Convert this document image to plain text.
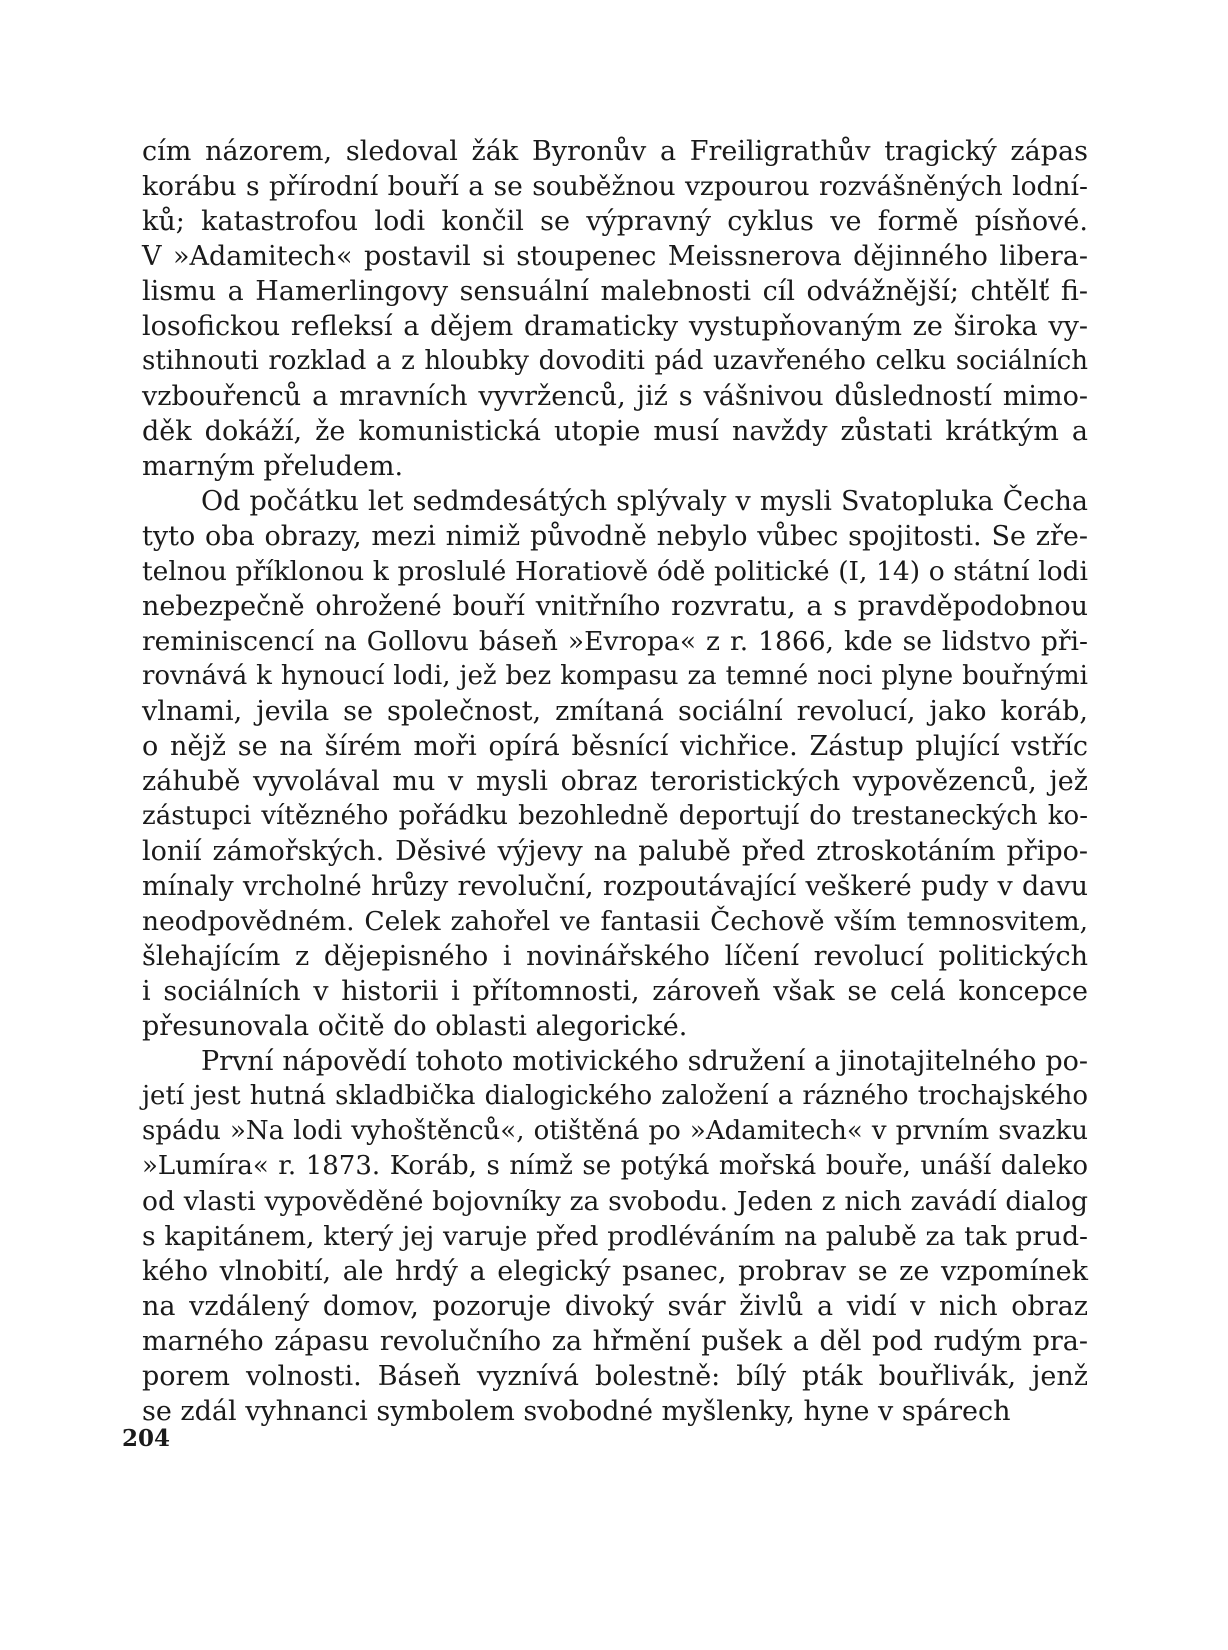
cím názorem, sledoval žák Byronův a Freiligrathův tragický zápas
korábu s přírodní bouří a se souběžnou vzpourou rozvášněných lodní-
ků; katastrofou lodi končil se výpravný cyklus ve formě písňové.
V »Adamitech« postavil si stoupenec Meissnerova dějinného libera-
lismu a Hamerlingovy sensuální malebnosti cíl odvážnější; chtělť fi-
losofickou refleksí a dějem dramaticky vystupňovaným ze široka vy-
stihnouti rozklad a z hloubky dovoditi pád uzavřeného celku sociálních
vzbouřenců a mravních vyvrženců, jiź s vášnivou důsledností mimo-
děk dokáží, že komunistická utopie musí navždy zůstati krátkým a
marným přeludem.
Od počátku let sedmdesátých splývaly v mysli Svatopluka Čecha
tyto oba obrazy, mezi nimiž původně nebylo vůbec spojitosti. Se zře-
telnou příklonou k proslulé Horatiově ódě politické (I, 14) o státní lodi
nebezpečně ohrožené bouří vnitřního rozvratu, a s pravděpodobnou
reminiscencí na Gollovu báseň »Evropa« z r. 1866, kde se lidstvo při-
rovnává k hynoucí lodi, jež bez kompasu za temné noci plyne bouřnými
vlnami, jevila se společnost, zmítaná sociální revolucí, jako koráb,
o nějž se na šírém moři opírá běsnící vichřice. Zástup plující vstříc
záhubě vyvolával mu v mysli obraz teroristických vypovězenců, jež
zástupci vítězného pořádku bezohledně deportují do trestaneckých ko-
lonií zámořských. Děsivé výjevy na palubě před ztroskotáním připo-
mínaly vrcholné hrůzy revoluční, rozpoutávající veškeré pudy v davu
neodpovědném. Celek zahořel ve fantasii Čechově vším temnosvitem,
šlehajícím z dějepisného i novinářského líčení revolucí politických
i sociálních v historii i přítomnosti, zároveň však se celá koncepce
přesunovala očitě do oblasti alegorické.
První nápovědí tohoto motivického sdružení a jinotajitelného po-
jetí jest hutná skladbička dialogického založení a rázného trochajského
spádu »Na lodi vyhoštěnců«, otištěná po »Adamitech« v prvním svazku
»Lumíra« r. 1873. Koráb, s nímž se potýká mořská bouře, unáší daleko
od vlasti vypověděné bojovníky za svobodu. Jeden z nich zavádí dialog
s kapitánem, který jej varuje před prodléváním na palubě za tak prud-
kého vlnobití, ale hrdý a elegický psanec, probrav se ze vzpomínek
na vzdálený domov, pozoruje divoký svár živlů a vidí v nich obraz
marného zápasu revolučního za hřmění pušek a děl pod rudým pra-
porem volnosti. Báseň vyznívá bolestně: bílý pták bouřlivák, jenž
se zdál vyhnanci symbolem svobodné myšlenky, hyne v spárech
204
